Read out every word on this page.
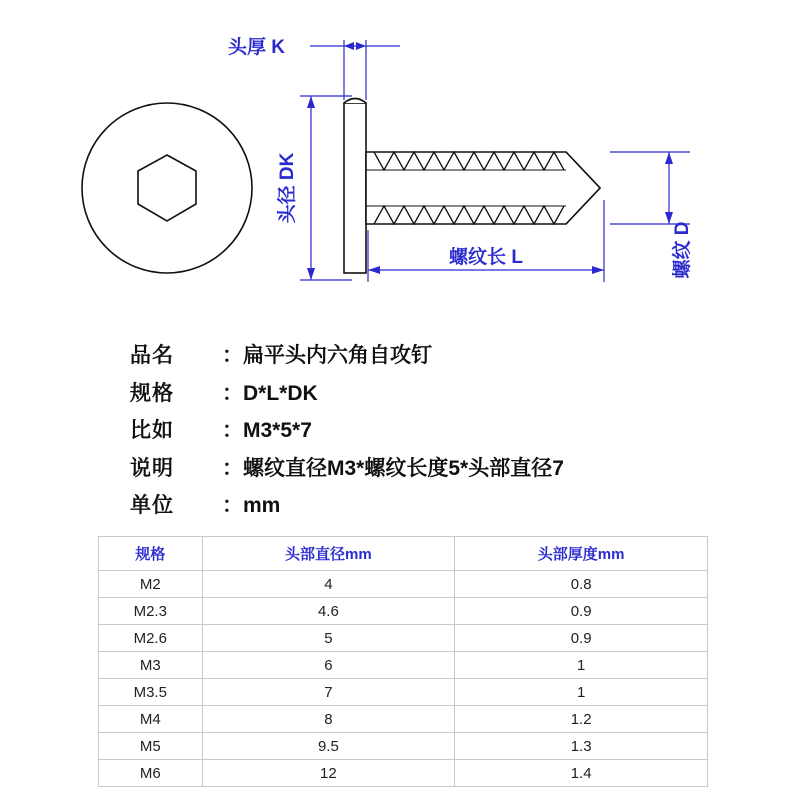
头厚 K
头径 DK
螺纹长 L	螺纹 D
品名	： 扁平头内六角自攻钉
规格	： D*L*DK
比如	： M3*5*7
说明	： 螺纹直径M3*螺纹长度5*头部直径7
单位	： mm
规格	头部直径mm	头部厚度mm
M2	4	0.8
M2.3	4.6	0.9
M2.6	5	0.9
M3	6	1
M3.5	7	1
M4	8	1.2
M5	9.5	1.3
M6	12	1.4
